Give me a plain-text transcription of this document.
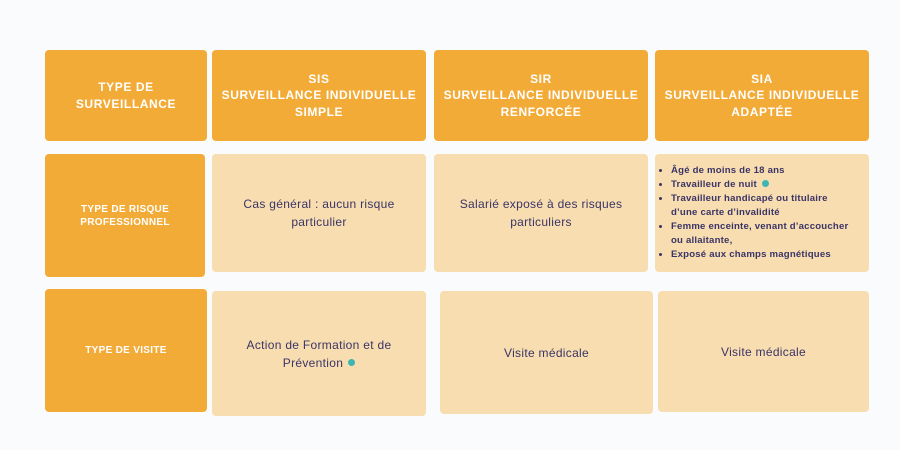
TYPE DE
SURVEILLANCE
SIS
SURVEILLANCE INDIVIDUELLE
SIMPLE
SIR
SURVEILLANCE INDIVIDUELLE
RENFORCÉE
SIA
SURVEILLANCE INDIVIDUELLE
ADAPTÉE
TYPE DE RISQUE
PROFESSIONNEL
Cas général : aucun risque
particulier
Salarié exposé à des risques
particuliers
• Âgé de moins de 18 ans
• Travailleur de nuit
• Travailleur handicapé ou titulaire
d’une carte d’invalidité
• Femme enceinte, venant d’accoucher
ou allaitante,
• Exposé aux champs magnétiques
TYPE DE VISITE	Action de Formation et de
Prévention
Visite médicale	Visite médicale
